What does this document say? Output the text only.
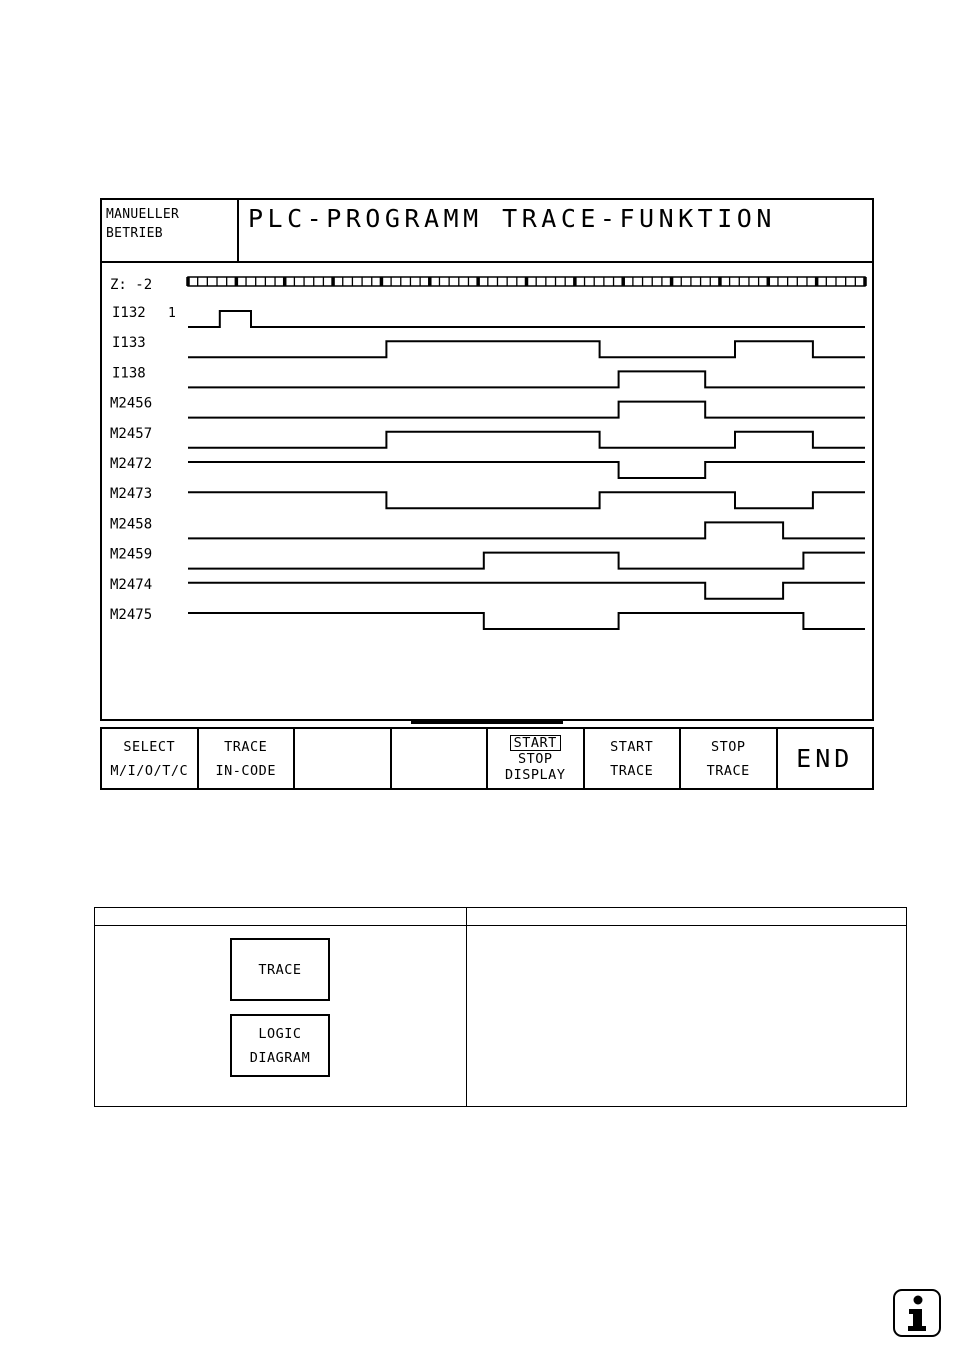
MANUELLER
BETRIEB
PLC-PROGRAMM TRACE-FUNKTION
Z: -2
I132 1
I133
I138
M2456
M2457
M2472
M2473
M2458
M2459
M2474
M2475
SELECT
M/I/O/T/C
TRACE
IN-CODE
START
STOP
DISPLAY
START
TRACE
STOP
TRACE END
TRACE
LOGIC
DIAGRAM
